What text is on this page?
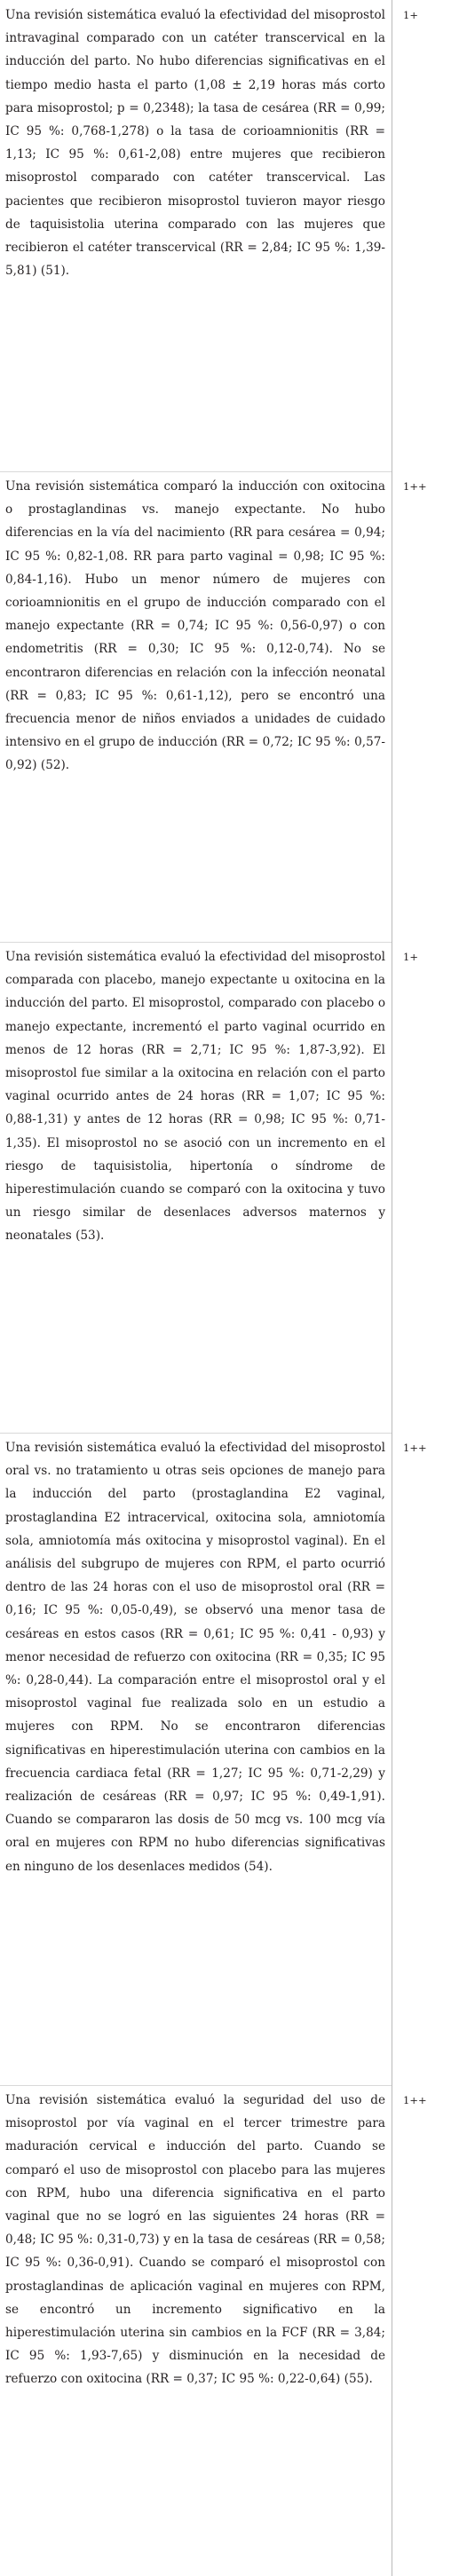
Una revisión sistemática evaluó la efectividad del misoprostol intravaginal comparado con un catéter transcervical en la inducción del parto. No hubo diferencias significativas en el tiempo medio hasta el parto (1,08 ± 2,19 horas más corto para misoprostol; p = 0,2348); la tasa de cesárea (RR = 0,99; IC 95 %: 0,768-1,278) o la tasa de corioamnionitis (RR = 1,13; IC 95 %: 0,61-2,08) entre mujeres que recibieron misoprostol comparado con catéter transcervical. Las pacientes que recibieron misoprostol tuvieron mayor riesgo de taquisistolia uterina comparado con las mujeres que recibieron el catéter transcervical (RR = 2,84; IC 95 %: 1,39-5,81) (51).

1+

Una revisión sistemática comparó la inducción con oxitocina o prostaglandinas vs. manejo expectante. No hubo diferencias en la vía del nacimiento (RR para cesárea = 0,94; IC 95 %: 0,82-1,08. RR para parto vaginal = 0,98; IC 95 %: 0,84-1,16). Hubo un menor número de mujeres con corioamnionitis en el grupo de inducción comparado con el manejo expectante (RR = 0,74; IC 95 %: 0,56-0,97) o con endometritis (RR = 0,30; IC 95 %: 0,12-0,74). No se encontraron diferencias en relación con la infección neonatal (RR = 0,83; IC 95 %: 0,61-1,12), pero se encontró una frecuencia menor de niños enviados a unidades de cuidado intensivo en el grupo de inducción (RR = 0,72; IC 95 %: 0,57-0,92) (52).

1++

Una revisión sistemática evaluó la efectividad del misoprostol comparada con placebo, manejo expectante u oxitocina en la inducción del parto. El misoprostol, comparado con placebo o manejo expectante, incrementó el parto vaginal ocurrido en menos de 12 horas (RR = 2,71; IC 95 %: 1,87-3,92). El misoprostol fue similar a la oxitocina en relación con el parto vaginal ocurrido antes de 24 horas (RR = 1,07; IC 95 %: 0,88-1,31) y antes de 12 horas (RR = 0,98; IC 95 %: 0,71-1,35). El misoprostol no se asoció con un incremento en el riesgo de taquisistolia, hipertonía o síndrome de hiperestimulación cuando se comparó con la oxitocina y tuvo un riesgo similar de desenlaces adversos maternos y neonatales (53).

1+

Una revisión sistemática evaluó la efectividad del misoprostol oral vs. no tratamiento u otras seis opciones de manejo para la inducción del parto (prostaglandina E2 vaginal, prostaglandina E2 intracervical, oxitocina sola, amniotomía sola, amniotomía más oxitocina y misoprostol vaginal). En el análisis del subgrupo de mujeres con RPM, el parto ocurrió dentro de las 24 horas con el uso de misoprostol oral (RR = 0,16; IC 95 %: 0,05-0,49), se observó una menor tasa de cesáreas en estos casos (RR = 0,61; IC 95 %: 0,41 - 0,93) y menor necesidad de refuerzo con oxitocina (RR = 0,35; IC 95 %: 0,28-0,44). La comparación entre el misoprostol oral y el misoprostol vaginal fue realizada solo en un estudio a mujeres con RPM. No se encontraron diferencias significativas en hiperestimulación uterina con cambios en la frecuencia cardiaca fetal (RR = 1,27; IC 95 %: 0,71-2,29) y realización de cesáreas (RR = 0,97; IC 95 %: 0,49-1,91). Cuando se compararon las dosis de 50 mcg vs. 100 mcg vía oral en mujeres con RPM no hubo diferencias significativas en ninguno de los desenlaces medidos (54).

1++

Una revisión sistemática evaluó la seguridad del uso de misoprostol por vía vaginal en el tercer trimestre para maduración cervical e inducción del parto. Cuando se comparó el uso de misoprostol con placebo para las mujeres con RPM, hubo una diferencia significativa en el parto vaginal que no se logró en las siguientes 24 horas (RR = 0,48; IC 95 %: 0,31-0,73) y en la tasa de cesáreas (RR = 0,58; IC 95 %: 0,36-0,91). Cuando se comparó el misoprostol con prostaglandinas de aplicación vaginal en mujeres con RPM, se encontró un incremento significativo en la hiperestimulación uterina sin cambios en la FCF (RR = 3,84; IC 95 %: 1,93-7,65) y disminución en la necesidad de refuerzo con oxitocina (RR = 0,37; IC 95 %: 0,22-0,64) (55).

1++
